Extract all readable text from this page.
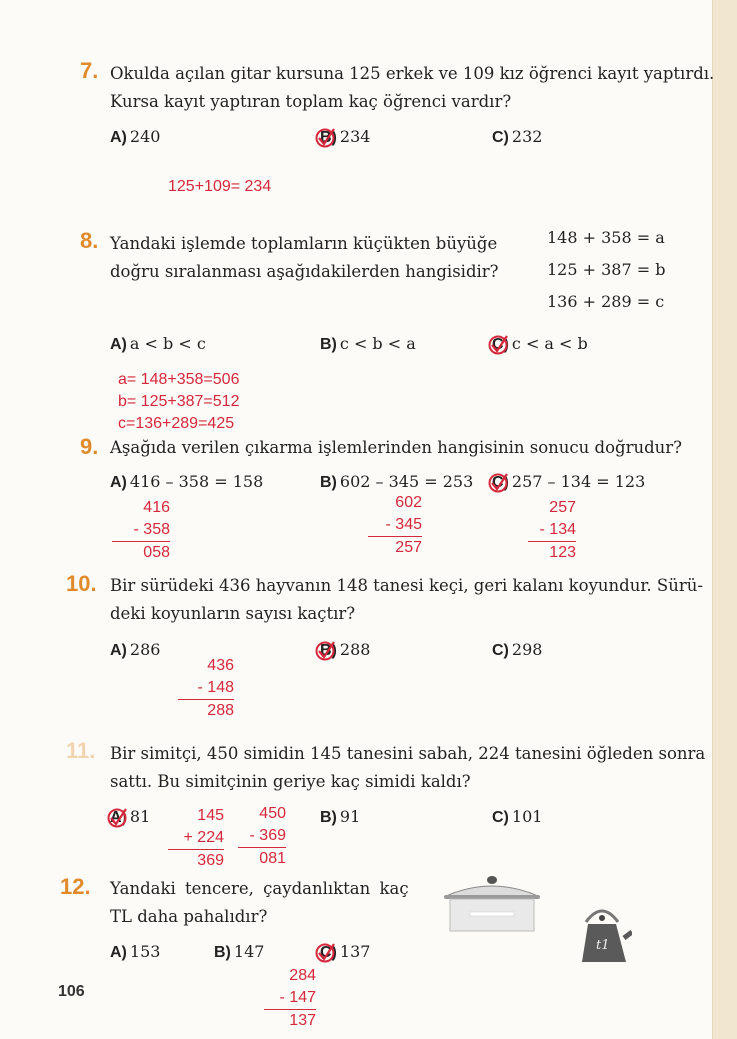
7. Okulda açılan gitar kursuna 125 erkek ve 109 kız öğrenci kayıt yaptırdı.
Kursa kayıt yaptıran toplam kaç öğrenci vardır?
A) 240	B) 234	C) 232
125+109= 234
8. Yandaki işlemde toplamların küçükten büyüğe
doğru sıralanması aşağıdakilerden hangisidir?
148 + 358 = a
125 + 387 = b
136 + 289 = c
A) a < b < c	B) c < b < a	C) c < a < b
a= 148+358=506
b= 125+387=512
c=136+289=425
9. Aşağıda verilen çıkarma işlemlerinden hangisinin sonucu doğrudur?
A) 416 – 358 = 158	B) 602 – 345 = 253 C) 257 – 134 = 123
416
- 358
058
602
- 345
257
257
- 134
123
10. Bir sürüdeki 436 hayvanın 148 tanesi keçi, geri kalanı koyundur. Sürü-
deki koyunların sayısı kaçtır?
A) 286	B) 288	C) 298
436
- 148
288
11. Bir simitçi, 450 simidin 145 tanesini sabah, 224 tanesini öğleden sonra
sattı. Bu simitçinin geriye kaç simidi kaldı?
A) 81	B) 91	C) 101
145
+ 224
369
450
- 369
081
12. Yandaki tencere, çaydanlıktan kaç
TL daha pahalıdır?
A) 153	B) 147	C) 137
284
- 147
137
t1
106
